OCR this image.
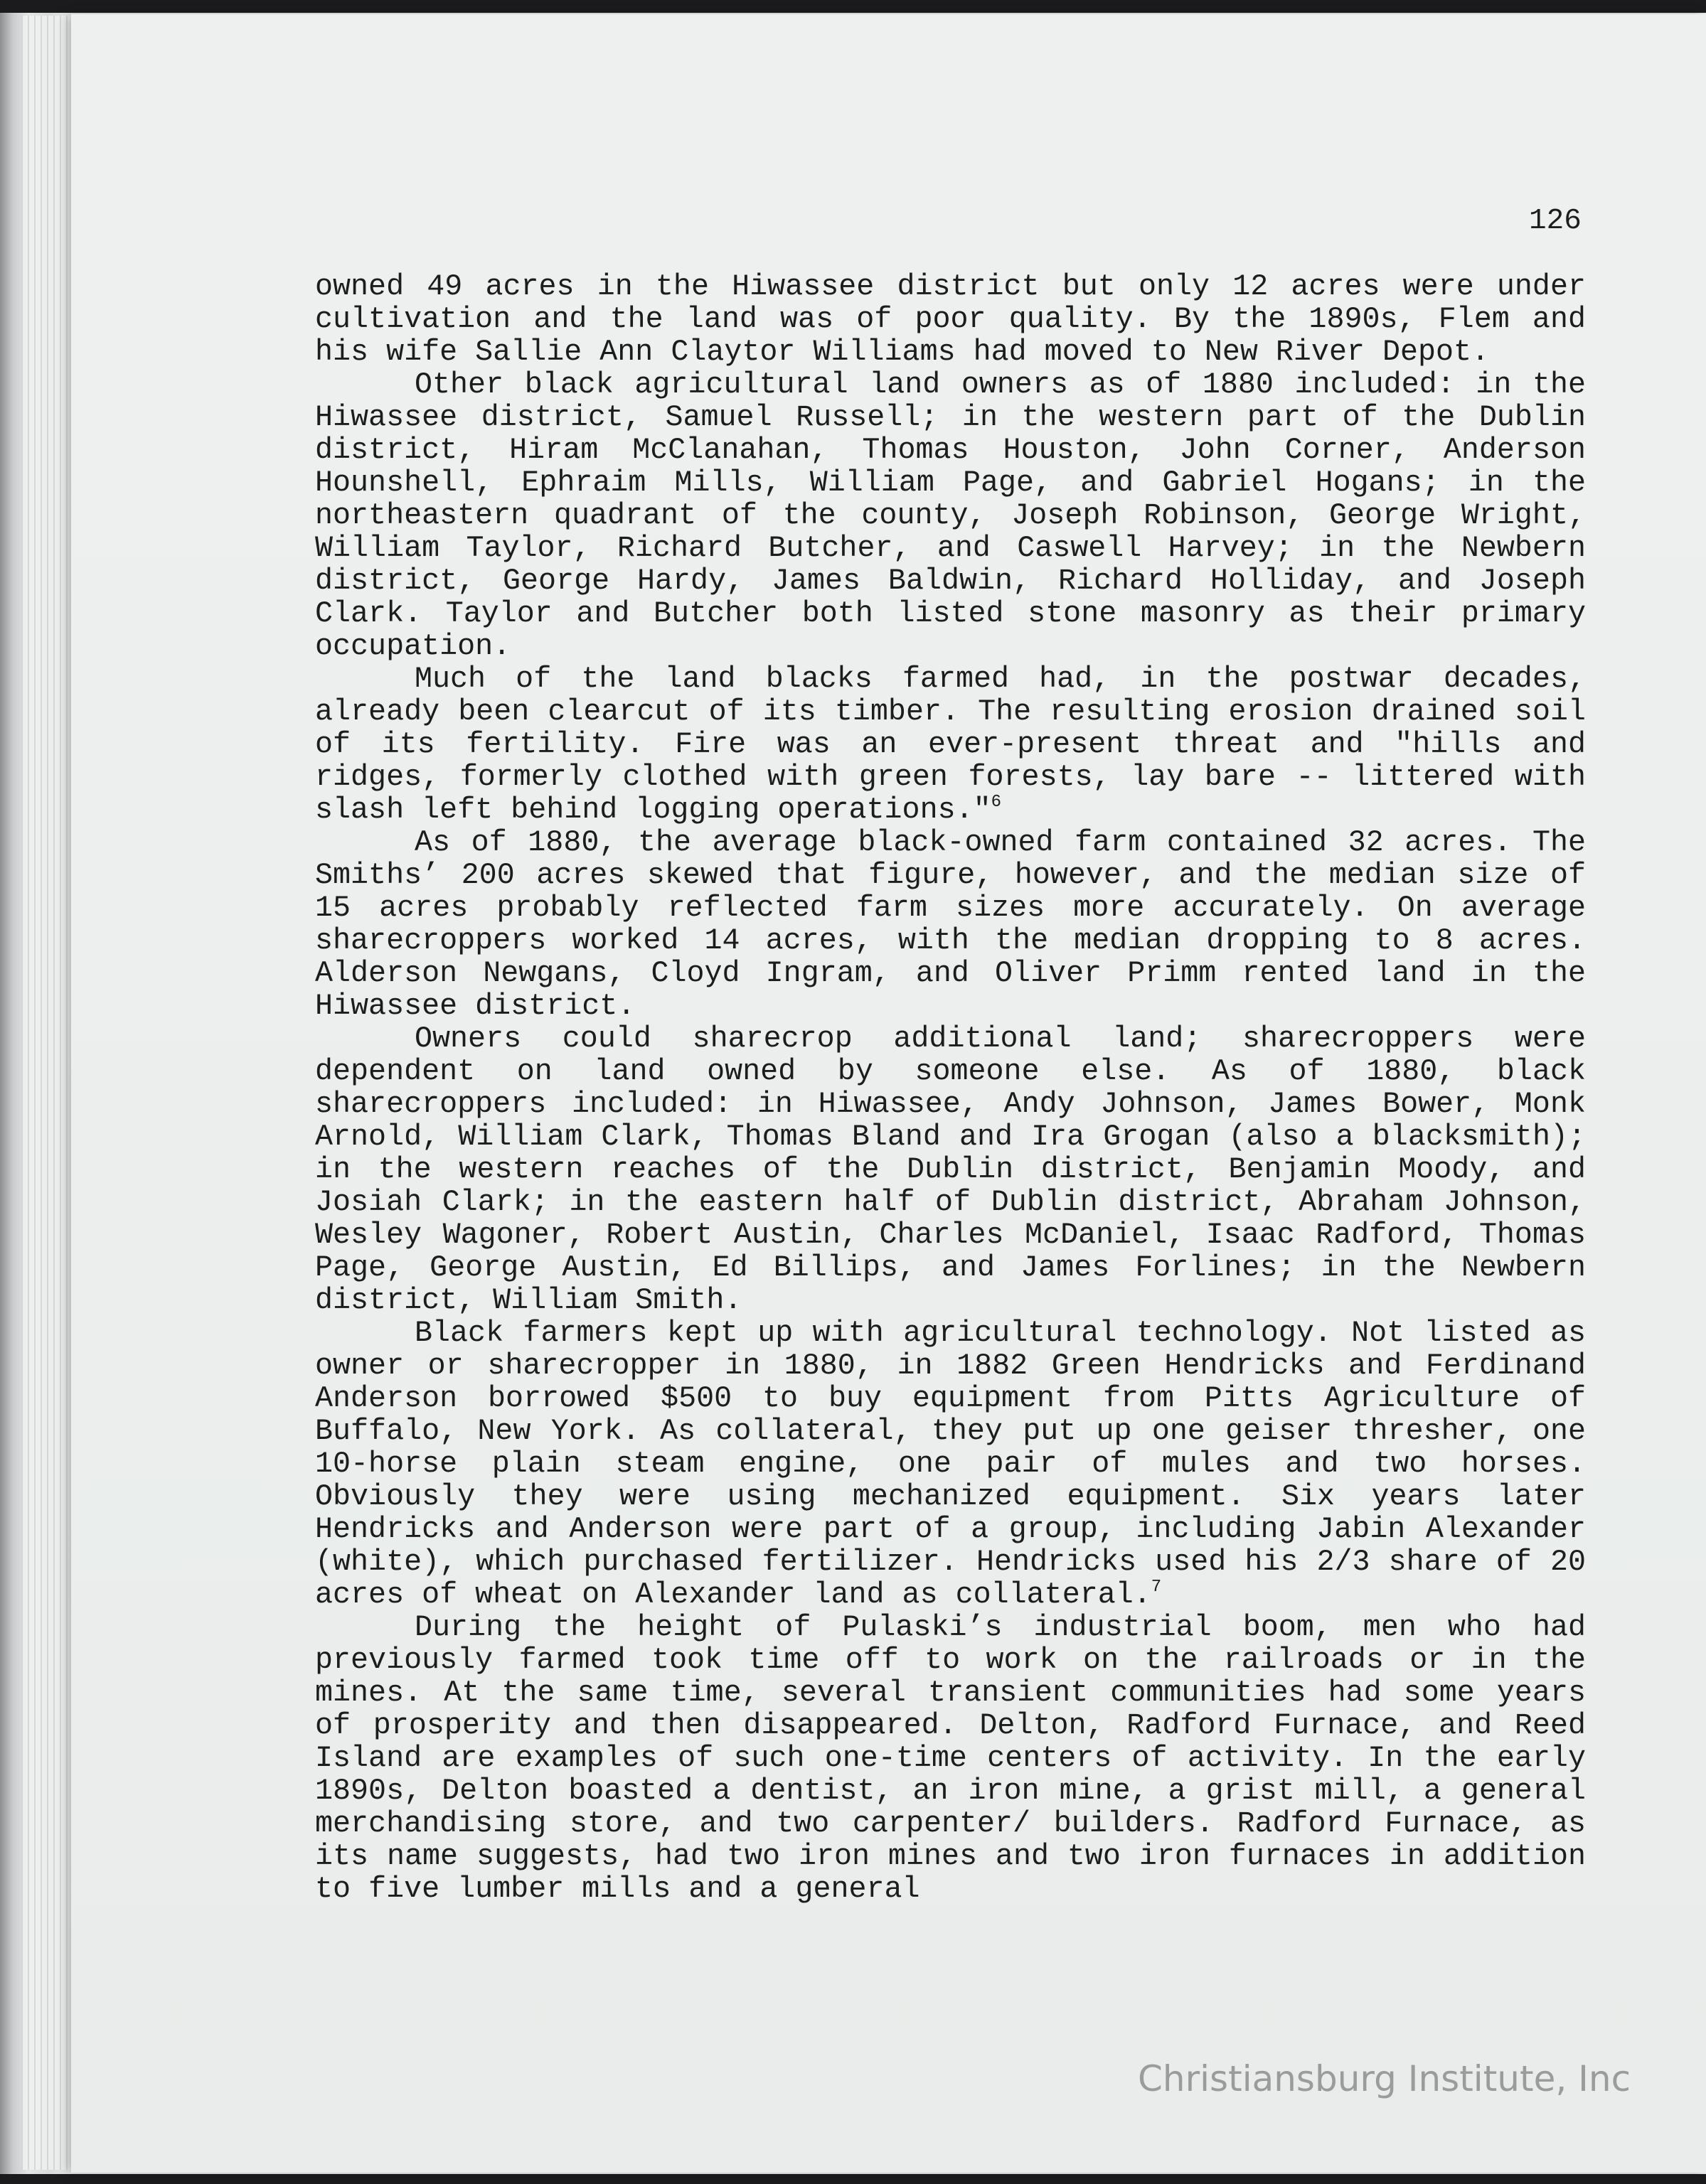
126

owned 49 acres in the Hiwassee district but only 12 acres were under cultivation and the land was of poor quality. By the 1890s, Flem and his wife Sallie Ann Claytor Williams had moved to New River Depot.

Other black agricultural land owners as of 1880 included: in the Hiwassee district, Samuel Russell; in the western part of the Dublin district, Hiram McClanahan, Thomas Houston, John Corner, Anderson Hounshell, Ephraim Mills, William Page, and Gabriel Hogans; in the northeastern quadrant of the county, Joseph Robinson, George Wright, William Taylor, Richard Butcher, and Caswell Harvey; in the Newbern district, George Hardy, James Baldwin, Richard Holliday, and Joseph Clark. Taylor and Butcher both listed stone masonry as their primary occupation.

Much of the land blacks farmed had, in the postwar decades, already been clearcut of its timber. The resulting erosion drained soil of its fertility. Fire was an ever-present threat and "hills and ridges, formerly clothed with green forests, lay bare -- littered with slash left behind logging operations."$^6$

As of 1880, the average black-owned farm contained 32 acres. The Smiths’ 200 acres skewed that figure, however, and the median size of 15 acres probably reflected farm sizes more accurately. On average sharecroppers worked 14 acres, with the median dropping to 8 acres. Alderson Newgans, Cloyd Ingram, and Oliver Primm rented land in the Hiwassee district.

Owners could sharecrop additional land; sharecroppers were dependent on land owned by someone else. As of 1880, black sharecroppers included: in Hiwassee, Andy Johnson, James Bower, Monk Arnold, William Clark, Thomas Bland and Ira Grogan (also a blacksmith); in the western reaches of the Dublin district, Benjamin Moody, and Josiah Clark; in the eastern half of Dublin district, Abraham Johnson, Wesley Wagoner, Robert Austin, Charles McDaniel, Isaac Radford, Thomas Page, George Austin, Ed Billips, and James Forlines; in the Newbern district, William Smith.

Black farmers kept up with agricultural technology. Not listed as owner or sharecropper in 1880, in 1882 Green Hendricks and Ferdinand Anderson borrowed $500 to buy equipment from Pitts Agriculture of Buffalo, New York. As collateral, they put up one geiser thresher, one 10-horse plain steam engine, one pair of mules and two horses. Obviously they were using mechanized equipment. Six years later Hendricks and Anderson were part of a group, including Jabin Alexander (white), which purchased fertilizer. Hendricks used his 2/3 share of 20 acres of wheat on Alexander land as collateral.$^7$

During the height of Pulaski’s industrial boom, men who had previously farmed took time off to work on the railroads or in the mines. At the same time, several transient communities had some years of prosperity and then disappeared. Delton, Radford Furnace, and Reed Island are examples of such one-time centers of activity. In the early 1890s, Delton boasted a dentist, an iron mine, a grist mill, a general merchandising store, and two carpenter/ builders. Radford Furnace, as its name suggests, had two iron mines and two iron furnaces in addition to five lumber mills and a general

Christiansburg Institute, Inc
